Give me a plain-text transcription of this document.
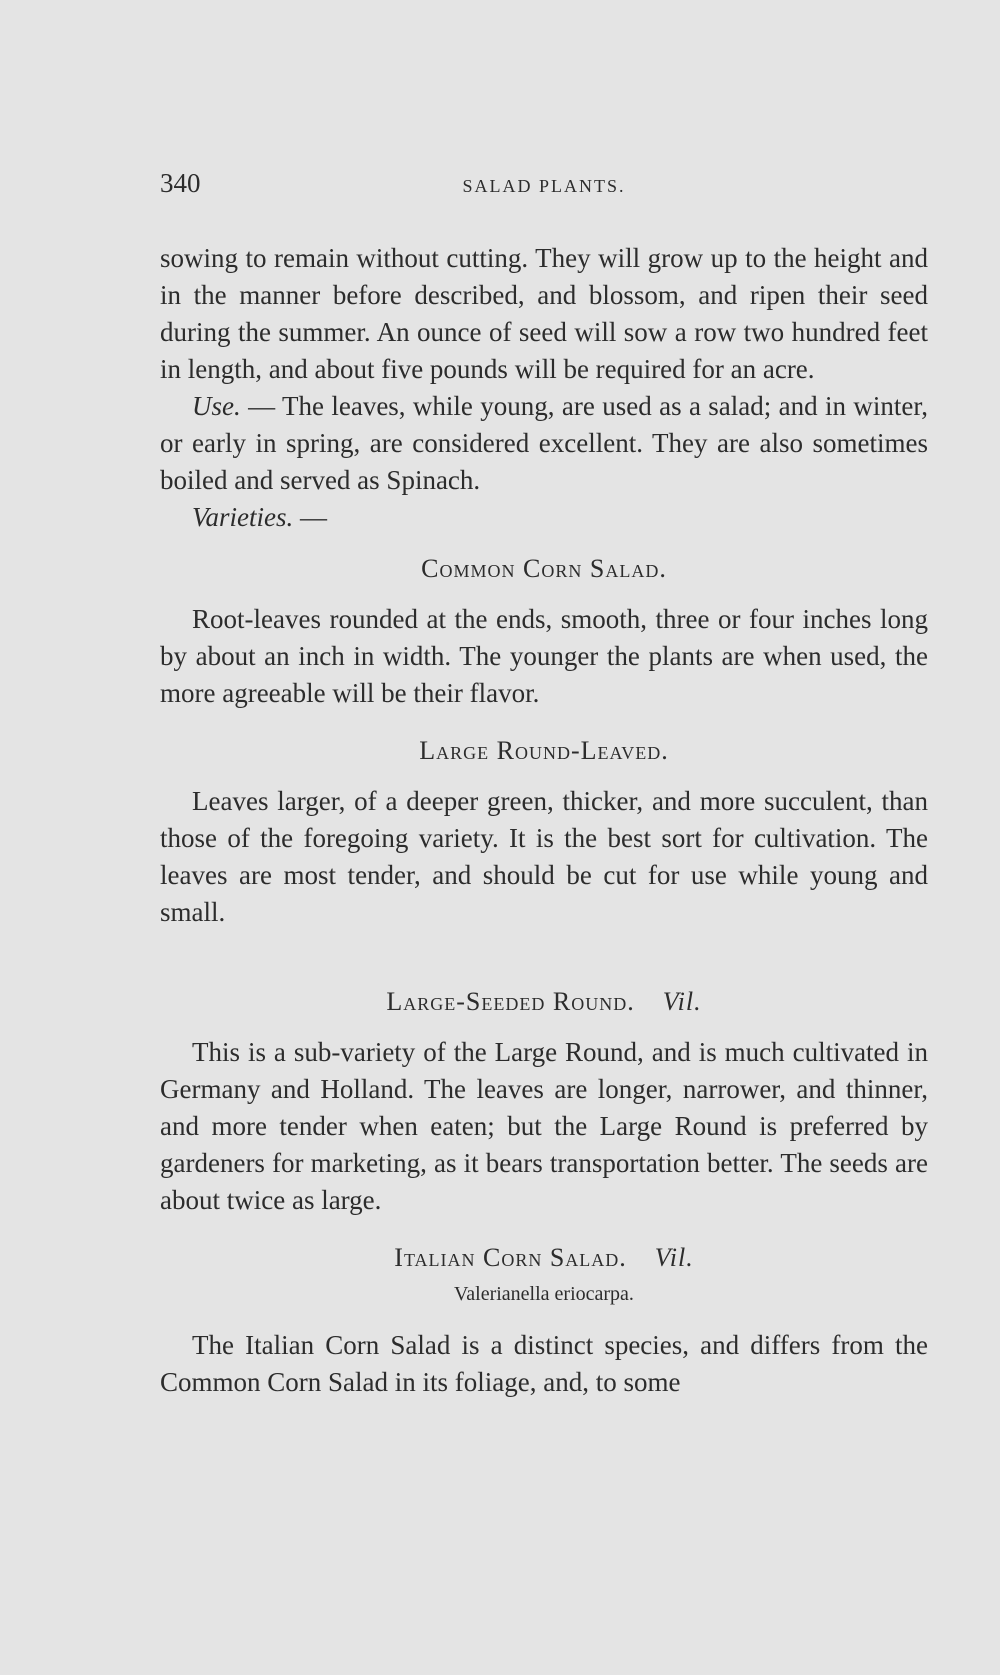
340	SALAD PLANTS.

sowing to remain without cutting. They will grow up to the height and in the manner before described, and blossom, and ripen their seed during the summer. An ounce of seed will sow a row two hundred feet in length, and about five pounds will be required for an acre.

Use. — The leaves, while young, are used as a salad; and in winter, or early in spring, are considered excellent. They are also sometimes boiled and served as Spinach.

Varieties. —

Common Corn Salad.

Root-leaves rounded at the ends, smooth, three or four inches long by about an inch in width. The younger the plants are when used, the more agreeable will be their flavor.

Large Round-Leaved.

Leaves larger, of a deeper green, thicker, and more succulent, than those of the foregoing variety. It is the best sort for cultivation. The leaves are most tender, and should be cut for use while young and small.

Large-Seeded Round. Vil.

This is a sub-variety of the Large Round, and is much cultivated in Germany and Holland. The leaves are longer, narrower, and thinner, and more tender when eaten; but the Large Round is preferred by gardeners for marketing, as it bears transportation better. The seeds are about twice as large.

Italian Corn Salad. Vil.

Valerianella eriocarpa.

The Italian Corn Salad is a distinct species, and differs from the Common Corn Salad in its foliage, and, to some
